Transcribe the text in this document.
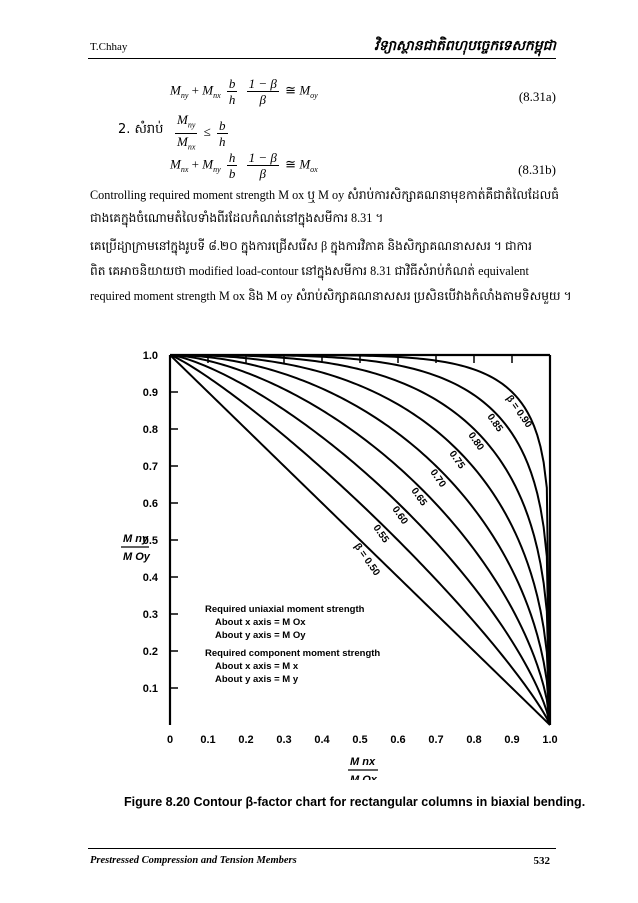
T.Chhay	វិទ្យាស្ថានជាតិពហុបច្ចេកទេសកម្ពុជា
$M_{ny} + M_{nx} \frac{b}{h}$
$\frac{1 - \beta}{\beta}$ ≅ $M_{oy}$	(8.31a)
2. សំរាប់ $\frac{M_{ny}}{M_{nx}} \le \frac{b}{h}$
$M_{nx} + M_{ny} \frac{h}{b}$
$\frac{1 - \beta}{\beta}$ ≅ $M_{ox}$	(8.31b)
Controlling required moment strength M ox ឬ M oy សំរាប់ការសិក្សាគណនាមុខកាត់គឺជាតំលៃដែលធំ
ជាងគេក្នុងចំណោមតំលៃទាំងពីរដែលកំណត់នៅក្នុងសមីការ 8.31 ។
គេប្រើដ្យាក្រាមនៅក្នុងរូបទី ៨.២០ ក្នុងការជ្រើសរើស β ក្នុងការវិភាគ និងសិក្សាគណនាសសរ ។ ជាការ
ពិត គេអាចនិយាយថា modified load-contour នៅក្នុងសមីការ 8.31 ជាវិធីសំរាប់កំណត់ equivalent
required moment strength M ox និង M oy សំរាប់សិក្សាគណនាសសរ ប្រសិនបើវាងកំលាំងតាមទិសមួយ ។
0.1
0.2
0.3
0.4
0.5
0.6
0.7
0.8
0.9
1.0
0 0.1 0.2 0.3 0.4 0.5 0.6 0.7 0.8 0.9 1.0
β = 0.50
0.55
0.60
0.65
0.70
0.75
0.80
0.85
β = 0.90
M ny
M Oy
M nx
M Ox
Required uniaxial moment strength
About x axis = M Ox
About y axis = M Oy
Required component moment strength
About x axis = M x
About y axis = M y
Figure 8.20 Contour β-factor chart for rectangular columns in biaxial bending.
Prestressed Compression and Tension Members	532
